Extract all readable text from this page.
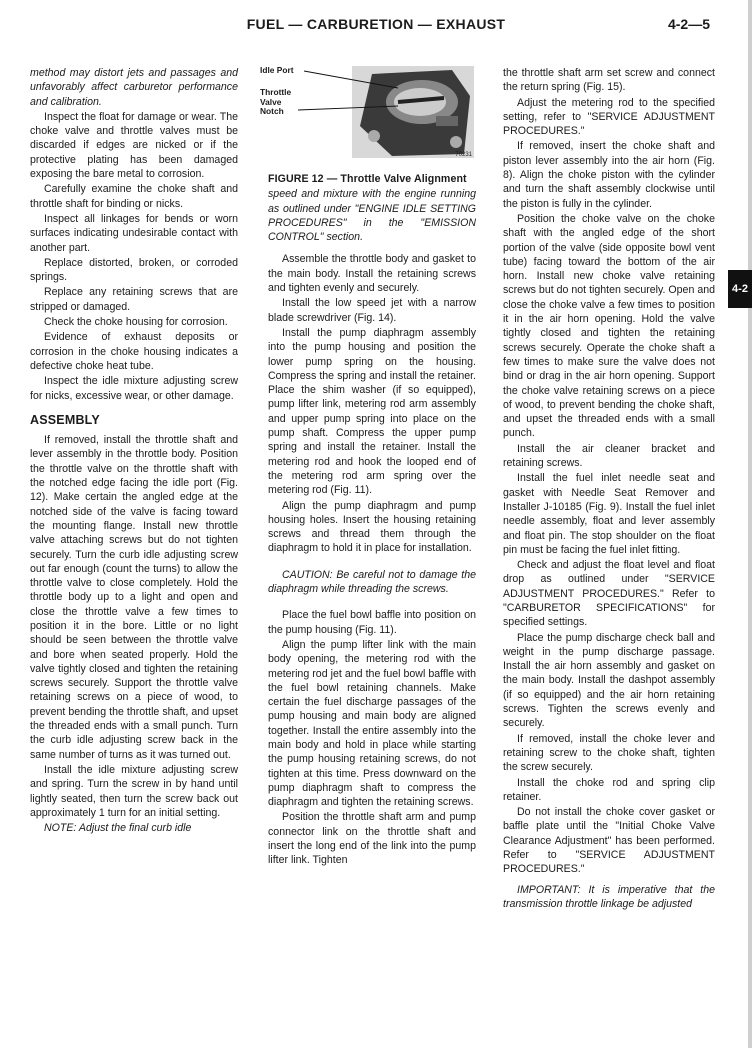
FUEL — CARBURETION — EXHAUST	4-2—5
4-2

method may distort jets and passages and unfavorably affect carburetor performance and calibration.

Inspect the float for damage or wear. The choke valve and throttle valves must be discarded if edges are nicked or if the protective plating has been damaged exposing the bare metal to corrosion.

Carefully examine the choke shaft and throttle shaft for binding or nicks.

Inspect all linkages for bends or worn surfaces indicating undesirable contact with another part.

Replace distorted, broken, or corroded springs.

Replace any retaining screws that are stripped or damaged.

Check the choke housing for corrosion.

Evidence of exhaust deposits or corrosion in the choke housing indicates a defective choke heat tube.

Inspect the idle mixture adjusting screw for nicks, excessive wear, or other damage.

ASSEMBLY

If removed, install the throttle shaft and lever assembly in the throttle body. Position the throttle valve on the throttle shaft with the notched edge facing the idle port (Fig. 12). Make certain the angled edge at the notched side of the valve is facing toward the mounting flange. Install new throttle valve attaching screws but do not tighten securely. Turn the curb idle adjusting screw out far enough (count the turns) to allow the throttle valve to close completely. Hold the throttle body up to a light and open and close the throttle valve a few times to position it in the bore. Little or no light should be seen between the throttle valve and bore when seated properly. Hold the valve tightly closed and tighten the retaining screws securely. Support the throttle valve retaining screws on a piece of wood, to prevent bending the throttle shaft, and upset the threaded ends with a small punch. Turn the curb idle adjusting screw back in the same number of turns as it was turned out.

Install the idle mixture adjusting screw and spring. Turn the screw in by hand until lightly seated, then turn the screw back out approximately 1 turn for an initial setting.

NOTE: Adjust the final curb idle

Idle Port
Throttle
Valve
Notch
70231

FIGURE 12 — Throttle Valve Alignment

speed and mixture with the engine running as outlined under "ENGINE IDLE SETTING PROCEDURES" in the "EMISSION CONTROL" section.

Assemble the throttle body and gasket to the main body. Install the retaining screws and tighten evenly and securely.

Install the low speed jet with a narrow blade screwdriver (Fig. 14).

Install the pump diaphragm assembly into the pump housing and position the lower pump spring on the housing. Compress the spring and install the retainer. Place the shim washer (if so equipped), pump lifter link, metering rod arm assembly and upper pump spring into place on the pump shaft. Compress the upper pump spring and install the retainer. Install the metering rod and hook the looped end of the metering rod arm spring over the metering rod (Fig. 11).

Align the pump diaphragm and pump housing holes. Insert the housing retaining screws and thread them through the diaphragm to hold it in place for installation.

CAUTION: Be careful not to damage the diaphragm while threading the screws.

Place the fuel bowl baffle into position on the pump housing (Fig. 11).

Align the pump lifter link with the main body opening, the metering rod with the metering rod jet and the fuel bowl baffle with the fuel bowl retaining channels. Make certain the fuel discharge passages of the pump housing and main body are aligned together. Install the entire assembly into the main body and hold in place while starting the pump housing retaining screws, do not tighten at this time. Press downward on the pump diaphragm shaft to compress the diaphragm and tighten the retaining screws.

Position the throttle shaft arm and pump connector link on the throttle shaft and insert the long end of the link into the pump lifter link. Tighten

the throttle shaft arm set screw and connect the return spring (Fig. 15).

Adjust the metering rod to the specified setting, refer to "SERVICE ADJUSTMENT PROCEDURES."

If removed, insert the choke shaft and piston lever assembly into the air horn (Fig. 8). Align the choke piston with the cylinder and turn the shaft assembly clockwise until the piston is fully in the cylinder.

Position the choke valve on the choke shaft with the angled edge of the short portion of the valve (side opposite bowl vent tube) facing toward the bottom of the air horn. Install new choke valve retaining screws but do not tighten securely. Open and close the choke valve a few times to position it in the air horn opening. Hold the valve tightly closed and tighten the retaining screws securely. Operate the choke shaft a few times to make sure the valve does not bind or drag in the air horn opening. Support the choke valve retaining screws on a piece of wood, to prevent bending the choke shaft, and upset the threaded ends with a small punch.

Install the air cleaner bracket and retaining screws.

Install the fuel inlet needle seat and gasket with Needle Seat Remover and Installer J-10185 (Fig. 9). Install the fuel inlet needle assembly, float and lever assembly and float pin. The stop shoulder on the float pin must be facing the fuel inlet fitting.

Check and adjust the float level and float drop as outlined under "SERVICE ADJUSTMENT PROCEDURES." Refer to "CARBURETOR SPECIFICATIONS" for specified settings.

Place the pump discharge check ball and weight in the pump discharge passage. Install the air horn assembly and gasket on the main body. Install the dashpot assembly (if so equipped) and the air horn retaining screws. Tighten the screws evenly and securely.

If removed, install the choke lever and retaining screw to the choke shaft, tighten the screw securely.

Install the choke rod and spring clip retainer.

Do not install the choke cover gasket or baffle plate until the "Initial Choke Valve Clearance Adjustment" has been performed. Refer to "SERVICE ADJUSTMENT PROCEDURES."

IMPORTANT: It is imperative that the transmission throttle linkage be adjusted
